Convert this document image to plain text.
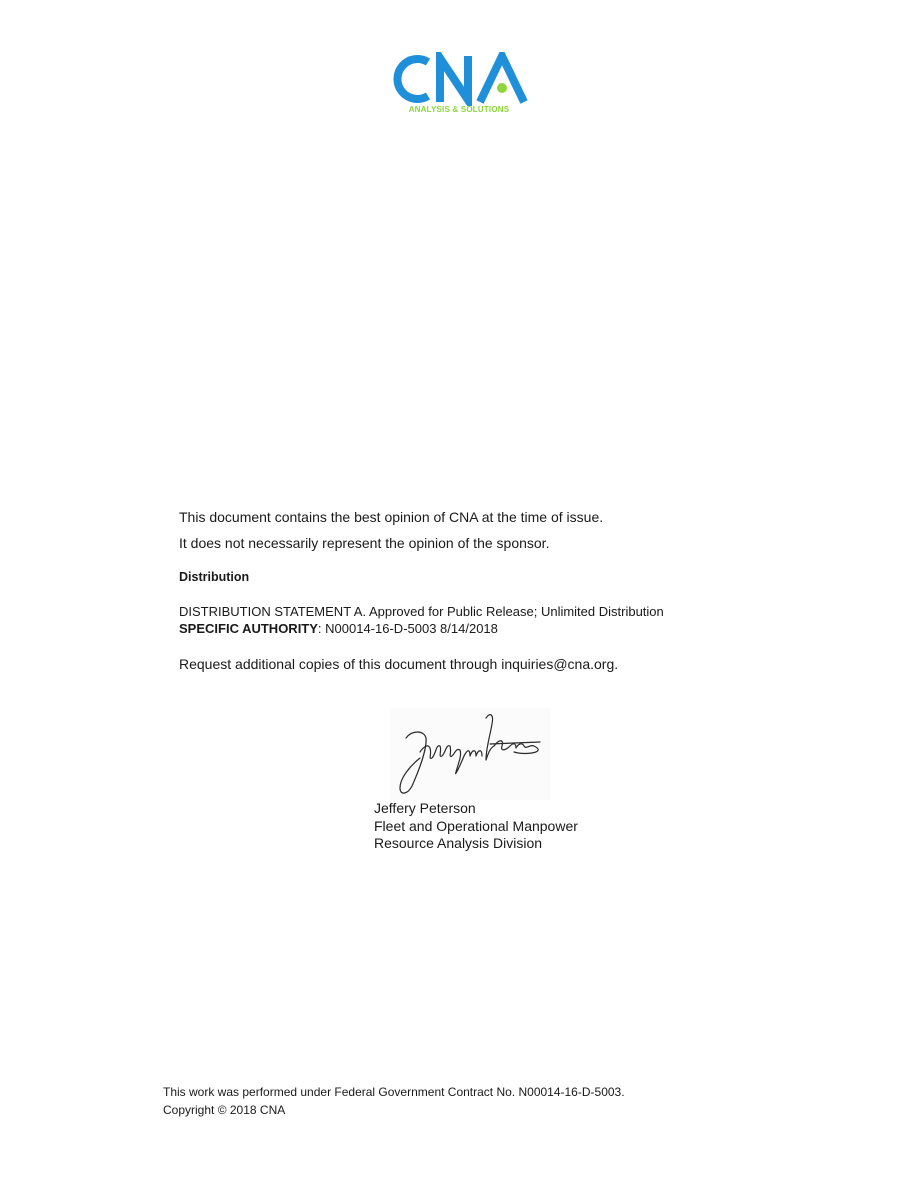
ANALYSIS & SOLUTIONS
This document contains the best opinion of CNA at the time of issue.
It does not necessarily represent the opinion of the sponsor.
Distribution
DISTRIBUTION STATEMENT A. Approved for Public Release; Unlimited Distribution
SPECIFIC AUTHORITY: N00014-16-D-5003 8/14/2018
Request additional copies of this document through inquiries@cna.org.
Jeffery Peterson
Fleet and Operational Manpower
Resource Analysis Division
This work was performed under Federal Government Contract No. N00014-16-D-5003.
Copyright © 2018 CNA
